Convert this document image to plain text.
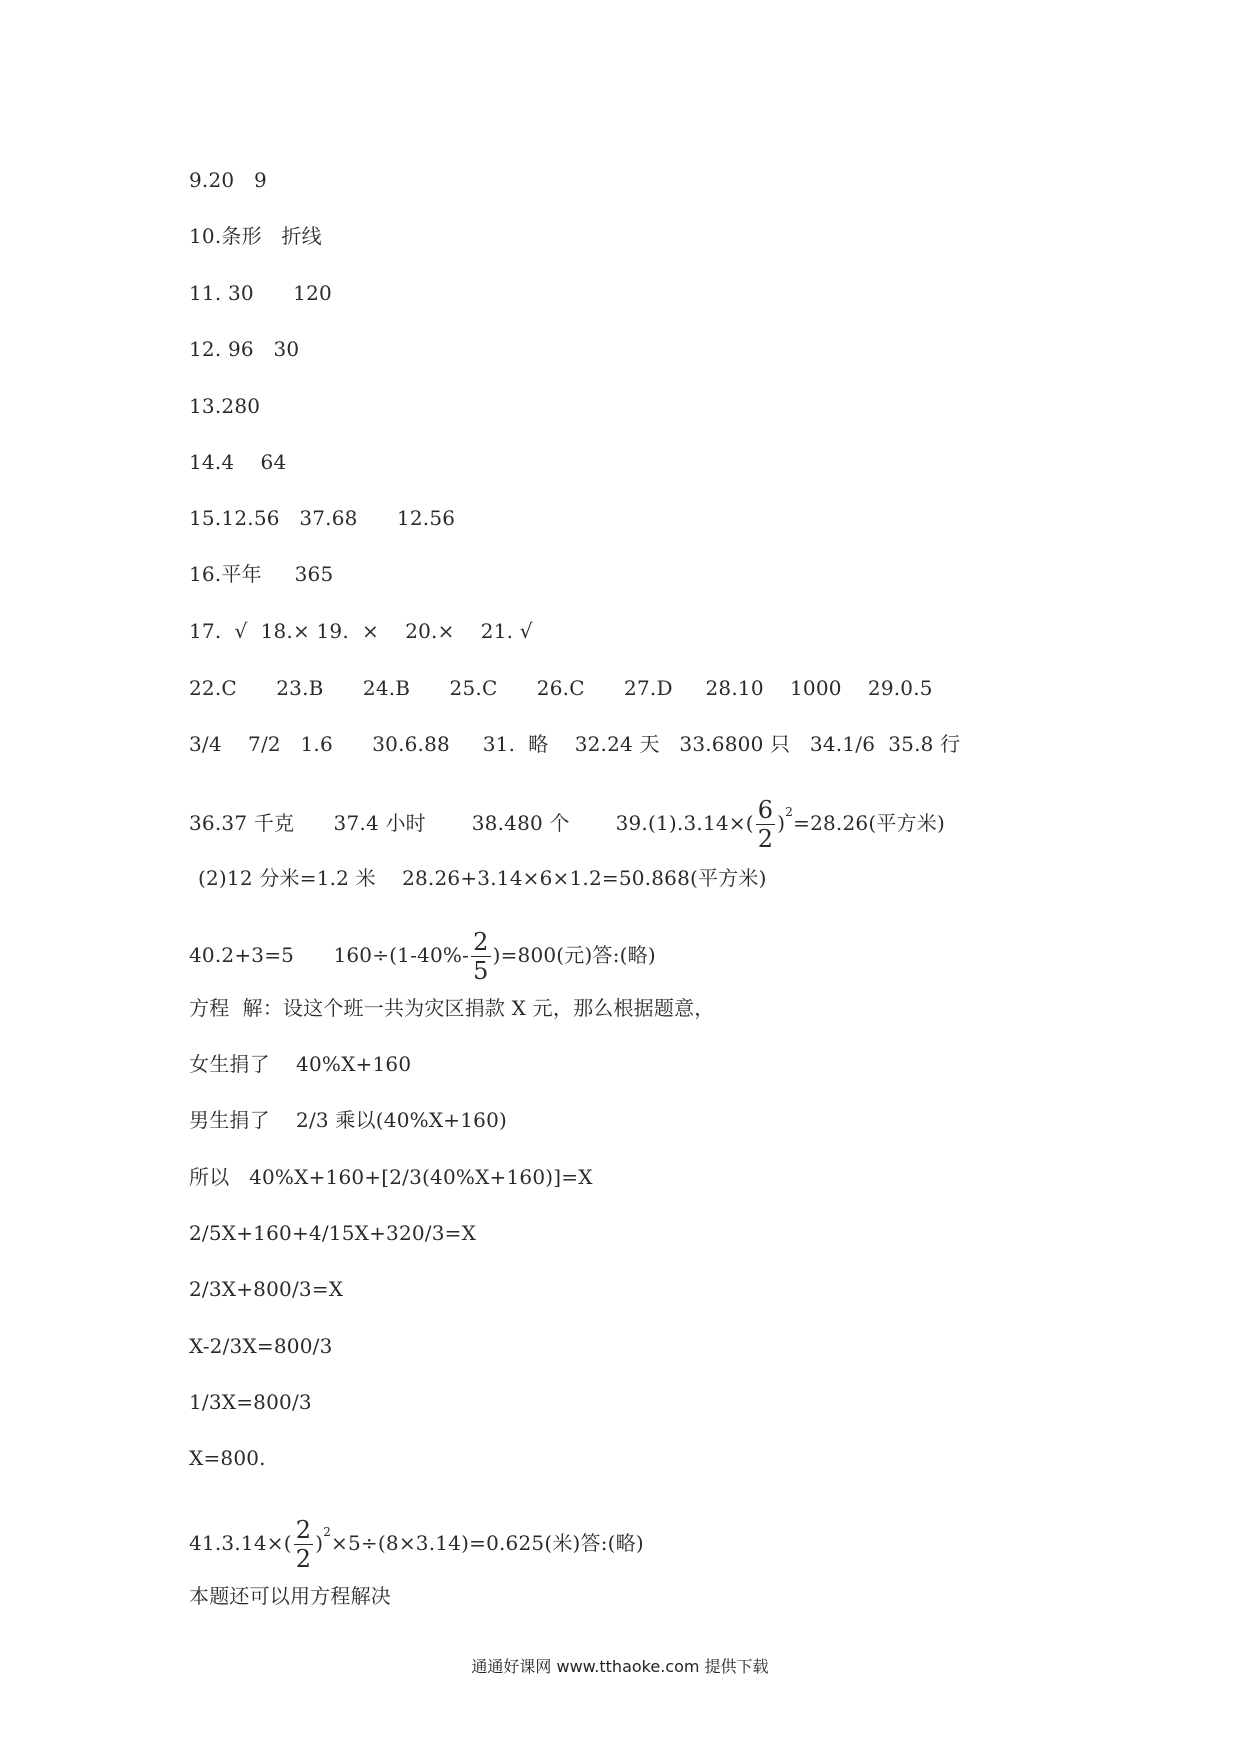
9.20   9
10.条形   折线
11. 30      120
12. 96   30
13.280
14.4    64
15.12.56   37.68      12.56
16.平年     365
17.  √  18.× 19.  ×    20.×    21. √
22.C      23.B      24.B      25.C      26.C      27.D     28.10    1000    29.0.5
3/4    7/2   1.6      30.6.88     31.  略    32.24 天   33.6800 只   34.1/6  35.8 行
36.37 千克      37.4 小时       38.480 个       $39.(1).3.14\times( \frac{6}{2} )^2=28.26$(平方米)
(2)12 分米=1.2 米    28.26+3.14×6×1.2=50.868(平方米)
40.2+3=5      $160\div(1-40\%- \frac{2}{5} )=800$(元)答:(略)
方程  解：设这个班一共为灾区捐款 X 元，那么根据题意，
女生捐了    40%X+160
男生捐了    2/3 乘以(40%X+160)
所以   40%X+160+[2/3(40%X+160)]=X
2/5X+160+4/15X+320/3=X
2/3X+800/3=X
X-2/3X=800/3
1/3X=800/3
X=800.
$41.3.14\times( \frac{2}{2} )^2\times 5\div(8\times 3.14)=0.625$(米)答:(略)
本题还可以用方程解决
通通好课网 www.tthaoke.com 提供下载
